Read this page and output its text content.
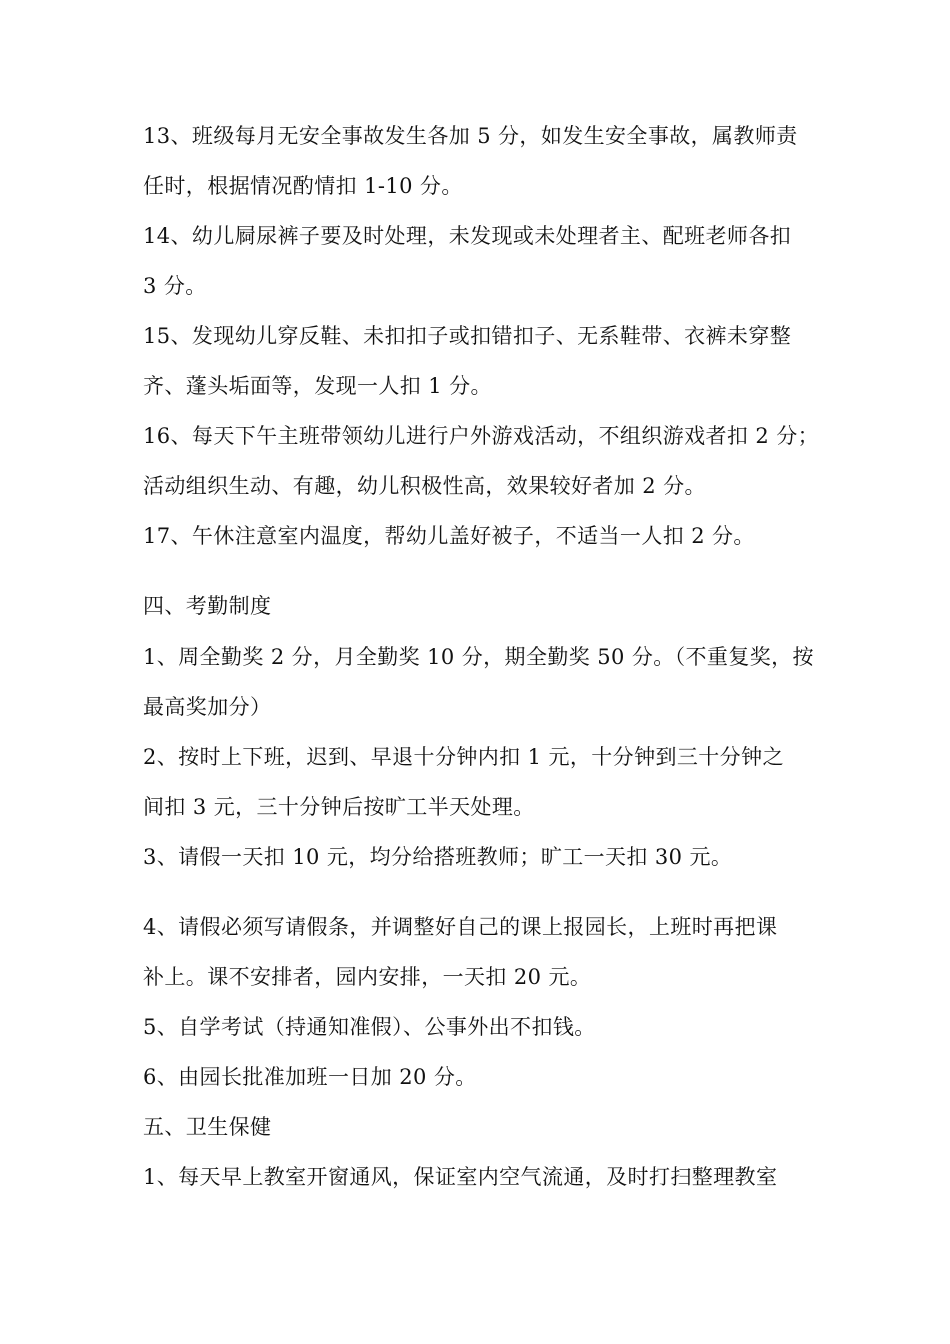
13、班级每月无安全事故发生各加 5 分，如发生安全事故，属教师责
任时，根据情况酌情扣 1-10 分。
14、幼儿屙尿裤子要及时处理，未发现或未处理者主、配班老师各扣
3 分。
15、发现幼儿穿反鞋、未扣扣子或扣错扣子、无系鞋带、衣裤未穿整
齐、蓬头垢面等，发现一人扣 1 分。
16、每天下午主班带领幼儿进行户外游戏活动，不组织游戏者扣 2 分；
活动组织生动、有趣，幼儿积极性高，效果较好者加 2 分。
17、午休注意室内温度，帮幼儿盖好被子，不适当一人扣 2 分。
四、考勤制度
1、周全勤奖 2 分，月全勤奖 10 分，期全勤奖 50 分。（不重复奖，按
最高奖加分）
2、按时上下班，迟到、早退十分钟内扣 1 元，十分钟到三十分钟之
间扣 3 元，三十分钟后按旷工半天处理。
3、请假一天扣 10 元，均分给搭班教师；旷工一天扣 30 元。
4、请假必须写请假条，并调整好自己的课上报园长，上班时再把课
补上。课不安排者，园内安排，一天扣 20 元。
5、自学考试（持通知准假）、公事外出不扣钱。
6、由园长批准加班一日加 20 分。
五、卫生保健
1、每天早上教室开窗通风，保证室内空气流通，及时打扫整理教室
